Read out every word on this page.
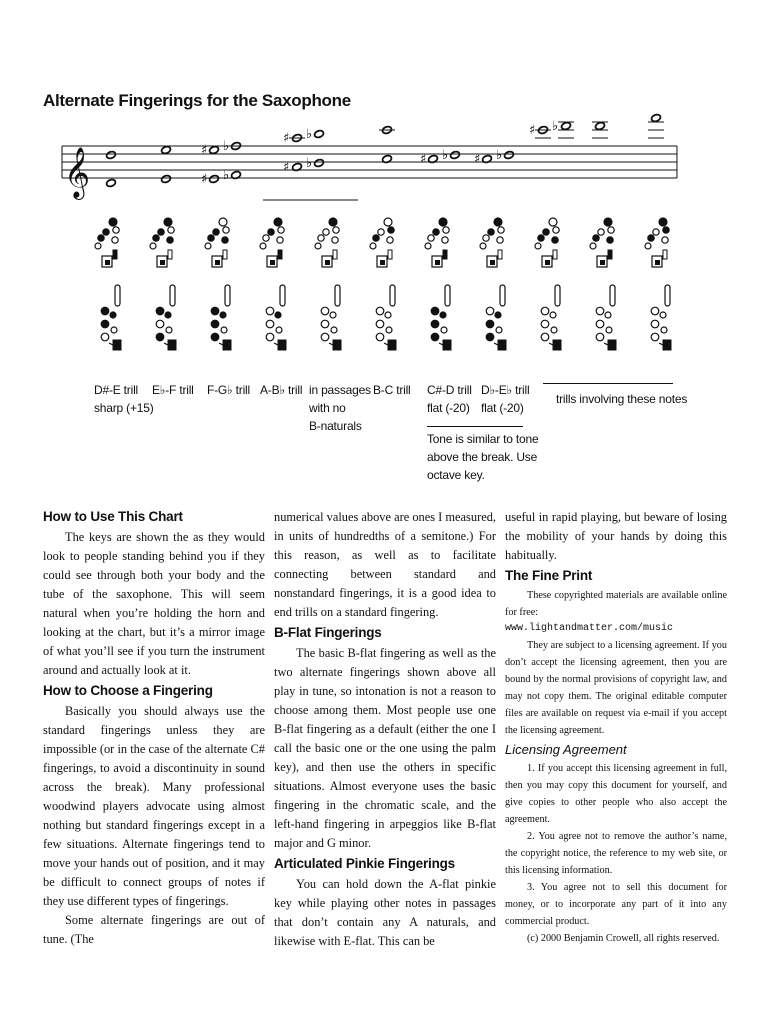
Alternate Fingerings for the Saxophone
𝄞	♯ ♭
♯ ♭
♯ ♭
♯ ♭	♯ ♭ ♯ ♭
♯ ♭
D#-E trill
sharp (+15)
E♭-F trill F-G♭ trill A-B♭ trill in passages
with no
B-naturals
B-C trill C#-D trill
flat (-20)
D♭-E♭ trill
flat (-20)
Tone is similar to tone
above the break. Use
octave key.
trills involving these notes
How to Use This Chart

The keys are shown the as they would look to people standing behind you if they could see through both your body and the tube of the saxophone. This will seem natural when you’re holding the horn and looking at the chart, but it’s a mirror image of what you’ll see if you turn the instrument around and actually look at it.

How to Choose a Fingering

Basically you should always use the standard fingerings unless they are impossible (or in the case of the alternate C# fingerings, to avoid a discontinuity in sound across the break). Many professional woodwind players advocate using almost nothing but standard fingerings except in a few situations. Alternate fingerings tend to move your hands out of position, and it may be difficult to connect groups of notes if they use different types of fingerings.

Some alternate fingerings are out of tune. (The

numerical values above are ones I measured, in units of hundredths of a semitone.) For this reason, as well as to facilitate connecting between standard and nonstandard fingerings, it is a good idea to end trills on a standard fingering.

B-Flat Fingerings

The basic B-flat fingering as well as the two alternate fingerings shown above all play in tune, so intonation is not a reason to choose among them. Most people use one B-flat fingering as a default (either the one I call the basic one or the one using the palm key), and then use the others in specific situations. Almost everyone uses the basic fingering in the chromatic scale, and the left-hand fingering in arpeggios like B-flat major and G minor.

Articulated Pinkie Fingerings

You can hold down the A-flat pinkie key while playing other notes in passages that don’t contain any A naturals, and likewise with E-flat. This can be

useful in rapid playing, but beware of losing the mobility of your hands by doing this habitually.

The Fine Print

These copyrighted materials are available online for free:

www.lightandmatter.com/music

They are subject to a licensing agreement. If you don’t accept the licensing agreement, then you are bound by the normal provisions of copyright law, and may not copy them. The original editable computer files are available on request via e-mail if you accept the licensing agreement.

Licensing Agreement

1. If you accept this licensing agreement in full, then you may copy this document for yourself, and give copies to other people who also accept the agreement.

2. You agree not to remove the author’s name, the copyright notice, the reference to my web site, or this licensing information.

3. You agree not to sell this document for money, or to incorporate any part of it into any commercial product.

(c) 2000 Benjamin Crowell, all rights reserved.
